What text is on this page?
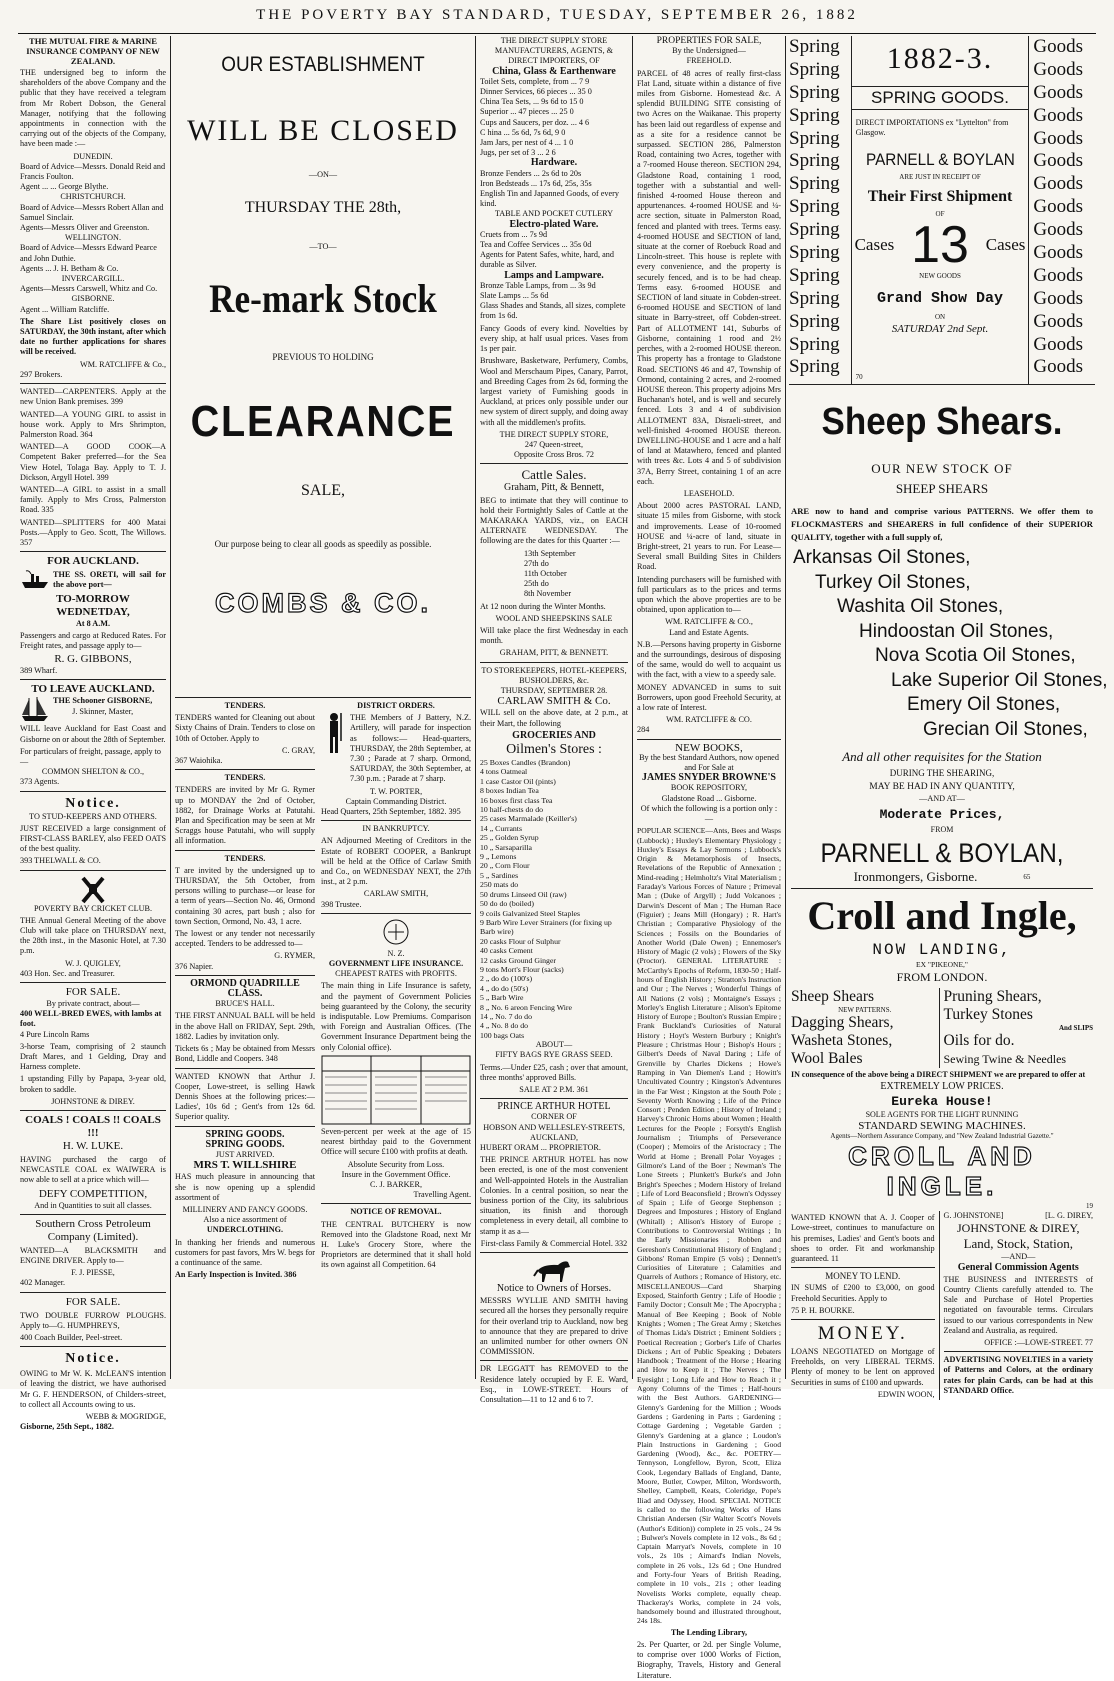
THE POVERTY BAY STANDARD, TUESDAY, SEPTEMBER 26, 1882
THE MUTUAL FIRE & MARINE INSURANCE COMPANY OF NEW ZEALAND.
THE undersigned beg to inform the shareholders of the above Company and the public that they have received a telegram from Mr Robert Dobson, the General Manager, notifying that the following appointments in connection with the carrying out of the objects of the Company, have been made :—
DUNEDIN.
Board of Advice—Messrs. Donald Reid and Francis Foulton.
Agent ... ... George Blythe.
CHRISTCHURCH.
Board of Advice—Messrs Robert Allan and Samuel Sinclair.
Agents—Messrs Oliver and Greenston.
WELLINGTON.
Board of Advice—Messrs Edward Pearce and John Duthie.
Agents ... J. H. Betham & Co.
INVERCARGILL.
Agents—Messrs Carswell, Whitz and Co.
GISBORNE.
Agent ... William Ratcliffe.
The Share List positively closes on SATURDAY, the 30th instant, after which date no further applications for shares will be received.
WM. RATCLIFFE & Co.,
297 Brokers.
WANTED—CARPENTERS. Apply at the new Union Bank premises. 399
WANTED—A YOUNG GIRL to assist in house work. Apply to Mrs Shrimpton, Palmerston Road. 364
WANTED—A GOOD COOK—A Competent Baker preferred—for the Sea View Hotel, Tolaga Bay. Apply to T. J. Dickson, Argyll Hotel. 399
WANTED—A GIRL to assist in a small family. Apply to Mrs Cross, Palmerston Road. 335
WANTED—SPLITTERS for 400 Matai Posts.—Apply to Geo. Scott, The Willows. 357
FOR AUCKLAND.
THE SS. ORETI, will sail for the above port—
TO-MORROW WEDNETDAY,
At 8 A.M.
Passengers and cargo at Reduced Rates. For Freight rates, and passage apply to—
R. G. GIBBONS,
389 Wharf.
TO LEAVE AUCKLAND.
THE Schooner GISBORNE,
J. Skinner, Master,
WILL leave Auckland for East Coast and Gisborne on or about the 28th of September.
For particulars of freight, passage, apply to—
COMMON SHELTON & CO.,
373 Agents.
Notice.
TO STUD-KEEPERS AND OTHERS.
JUST RECEIVED a large consignment of FIRST-CLASS BARLEY, also FEED OATS of the best quality.
393 THELWALL & CO.
POVERTY BAY CRICKET CLUB.
THE Annual General Meeting of the above Club will take place on THURSDAY next, the 28th inst., in the Masonic Hotel, at 7.30 p.m.
W. J. QUIGLEY,
403 Hon. Sec. and Treasurer.
FOR SALE.
By private contract, about—
400 WELL-BRED EWES, with lambs at foot.
4 Pure Lincoln Rams
3-horse Team, comprising of 2 staunch Draft Mares, and 1 Gelding, Dray and Harness complete.
1 upstanding Filly by Papapa, 3-year old, broken to saddle.
JOHNSTONE & DIREY.
COALS ! COALS !! COALS !!!
H. W. LUKE.
HAVING purchased the cargo of NEWCASTLE COAL ex WAIWERA is now able to sell at a price which will—
DEFY COMPETITION,
And in Quantities to suit all classes.
Southern Cross Petroleum Company (Limited).
WANTED—A BLACKSMITH and ENGINE DRIVER. Apply to—
F. J. PIESSE,
402 Manager.
FOR SALE.
TWO DOUBLE FURROW PLOUGHS. Apply to—G. HUMPHREYS,
400 Coach Builder, Peel-street.
Notice.
OWING to Mr W. K. McLEAN'S intention of leaving the district, we have authorised Mr G. F. HENDERSON, of Childers-street, to collect all Accounts owing to us.
WEBB & MOGRIDGE,
Gisborne, 25th Sept., 1882.
OUR ESTABLISHMENT
WILL BE CLOSED
—ON—
THURSDAY THE 28th,
—TO—
Re-mark Stock
PREVIOUS TO HOLDING
CLEARANCE
SALE,
Our purpose being to clear all goods as speedily as possible.
COMBS & CO.
TENDERS.
TENDERS wanted for Cleaning out about Sixty Chains of Drain. Tenders to close on 10th of October. Apply to
C. GRAY,
367 Waiohika.
TENDERS.
TENDERS are invited by Mr G. Rymer up to MONDAY the 2nd of October, 1882, for Drainage Works at Patutahi. Plan and Specification may be seen at Mr Scraggs house Patutahi, who will supply all information.
TENDERS.
T are invited by the undersigned up to THURSDAY, the 5th October, from persons willing to purchase—or lease for a term of years—Section No. 46, Ormond containing 30 acres, part bush ; also for town Section, Ormond, No. 43, 1 acre.
The lowest or any tender not necessarily accepted. Tenders to be addressed to—
G. RYMER,
376 Napier.
ORMOND QUADRILLE CLASS.
BRUCE'S HALL.
THE FIRST ANNUAL BALL will be held in the above Hall on FRIDAY, Sept. 29th, 1882. Ladies by invitation only.
Tickets 6s ; May be obtained from Messrs Bond, Liddle and Coopers. 348
WANTED KNOWN that Arthur J. Cooper, Lowe-street, is selling Hawk Dennis Shoes at the following prices:— Ladies', 10s 6d ; Gent's from 12s 6d. Superior quality.
SPRING GOODS.
SPRING GOODS.
JUST ARRIVED.
MRS T. WILLSHIRE
HAS much pleasure in announcing that she is now opening up a splendid assortment of
MILLINERY AND FANCY GOODS.
Also a nice assortment of
UNDERCLOTHING.
In thanking her friends and numerous customers for past favors, Mrs W. begs for a continuance of the same.
An Early Inspection is Invited. 386
DISTRICT ORDERS.
THE Members of J Battery, N.Z. Artillery, will parade for inspection as follows:— Head-quarters, THURSDAY, the 28th September, at 7.30 ; Parade at 7 sharp. Ormond, SATURDAY, the 30th September, at 7.30 p.m. ; Parade at 7 sharp.
T. W. PORTER,
Captain Commanding District.
Head Quarters, 25th September, 1882. 395
IN BANKRUPTCY.
AN Adjourned Meeting of Creditors in the Estate of ROBERT COOPER, a Bankrupt will be held at the Office of Carlaw Smith and Co., on WEDNESDAY NEXT, the 27th inst., at 2 p.m.
CARLAW SMITH,
398 Trustee.
N. Z.
GOVERNMENT LIFE INSURANCE.
CHEAPEST RATES with PROFITS.
The main thing in Life Insurance is safety, and the payment of Government Policies being guaranteed by the Colony, the security is indisputable. Low Premiums. Comparison with Foreign and Australian Offices. (The Government Insurance Department being the only Colonial office).
Seven-percent per week at the age of 15 nearest birthday paid to the Government Office will secure £100 with profits at death.
Absolute Security from Loss.
Insure in the Government Office.
C. J. BARKER,
Travelling Agent.
NOTICE OF REMOVAL.
THE CENTRAL BUTCHERY is now Removed into the Gladstone Road, next Mr H. Luke's Grocery Store, where the Proprietors are determined that it shall hold its own against all Competition. 64
THE DIRECT SUPPLY STORE MANUFACTURERS, AGENTS, & DIRECT IMPORTERS, OF
China, Glass & Earthenware
Toilet Sets, complete, from ... 7 9
Dinner Services, 66 pieces ... 35 0
China Tea Sets, ... 9s 6d to 15 0
Superior ... 47 pieces ... 25 0
Cups and Saucers, per doz. ... 4 6
C hina ... 5s 6d, 7s 6d, 9 0
Jam Jars, per nest of 4 ... 1 0
Jugs, per set of 3 ... 2 6
Hardware.
Bronze Fenders ... 2s 6d to 20s
Iron Bedsteads ... 17s 6d, 25s, 35s
English Tin and Japanned Goods, of every kind.
TABLE AND POCKET CUTLERY
Electro-plated Ware.
Cruets from ... 7s 9d
Tea and Coffee Services ... 35s 0d
Agents for Patent Safes, white, hard, and durable as Silver.
Lamps and Lampware.
Bronze Table Lamps, from ... 3s 9d
Slate Lamps ... 5s 6d
Glass Shades and Stands, all sizes, complete from 1s 6d.
Fancy Goods of every kind. Novelties by every ship, at half usual prices. Vases from 1s per pair.
Brushware, Basketware, Perfumery, Combs, Wool and Merschaum Pipes, Canary, Parrot, and Breeding Cages from 2s 6d, forming the largest variety of Furnishing goods in Auckland, at prices only possible under our new system of direct supply, and doing away with all the middlemen's profits.
THE DIRECT SUPPLY STORE,
247 Queen-street,
Opposite Cross Bros. 72
Cattle Sales.
Graham, Pitt, & Bennett,
BEG to intimate that they will continue to hold their Fortnightly Sales of Cattle at the MAKARAKA YARDS, viz., on EACH ALTERNATE WEDNESDAY. The following are the dates for this Quarter :—
13th September
27th do
11th October
25th do
8th November
At 12 noon during the Winter Months.
WOOL AND SHEEPSKINS SALE
Will take place the first Wednesday in each month.
GRAHAM, PITT, & BENNETT.
TO STOREKEEPERS, HOTEL-KEEPERS, BUSHOLDERS, &c.
THURSDAY, SEPTEMBER 28.
CARLAW SMITH & Co.
WILL sell on the above date, at 2 p.m., at their Mart, the following
GROCERIES AND
Oilmen's Stores :
25 Boxes Candles (Brandon)
4 tons Oatmeal
1 case Castor Oil (pints)
8 boxes Indian Tea
16 boxes first class Tea
10 half-chests do do
25 cases Marmalade (Keiller's)
14 „ Currants
25 „ Golden Syrup
10 „ Sarsaparilla
9 „ Lemons
20 „ Corn Flour
5 „ Sardines
250 mats do
50 drums Linseed Oil (raw)
50 do do (boiled)
9 coils Galvanized Steel Staples
9 Barb Wire Lever Strainers (for fixing up Barb wire)
20 casks Flour of Sulphur
40 casks Cement
12 casks Ground Ginger
9 tons Mort's Flour (sacks)
2 „ do do (100's)
4 „ do do (50's)
5 „ Barb Wire
8 „ No. 6 areon Fencing Wire
14 „ No. 7 do do
4 „ No. 8 do do
100 bags Oats
ABOUT—
FIFTY BAGS RYE GRASS SEED.
Terms.—Under £25, cash ; over that amount, three months' approved Bills.
SALE AT 2 P.M. 361
PRINCE ARTHUR HOTEL
CORNER OF
HOBSON AND WELLESLEY-STREETS,
AUCKLAND,
HUBERT ORAM ... PROPRIETOR.
THE PRINCE ARTHUR HOTEL has now been erected, is one of the most convenient and Well-appointed Hotels in the Australian Colonies. In a central position, so near the business portion of the City, its salubrious situation, its finish and thorough completeness in every detail, all combine to stamp it as a—
First-class Family & Commercial Hotel. 332
Notice to Owners of Horses.
MESSRS WYLLIE AND SMITH having secured all the horses they personally require for their overland trip to Auckland, now beg to announce that they are prepared to drive an unlimited number for other owners ON COMMISSION.
DR LEGGATT has REMOVED to the Residence lately occupied by F. E. Ward, Esq., in LOWE-STREET. Hours of Consultation—11 to 12 and 6 to 7.
PROPERTIES FOR SALE,
By the Undersigned—
FREEHOLD.
PARCEL of 48 acres of really first-class Flat Land, situate within a distance of five miles from Gisborne. Homestead &c. A splendid BUILDING SITE consisting of two Acres on the Waikanae. This property has been laid out regardless of expense and as a site for a residence cannot be surpassed. SECTION 286, Palmerston Road, containing two Acres, together with a 7-roomed House thereon. SECTION 294, Gladstone Road, containing 1 rood, together with a substantial and well-finished 4-roomed House thereon and appurtenances. 4-roomed HOUSE and ¼-acre section, situate in Palmerston Road, fenced and planted with trees. Terms easy. 4-roomed HOUSE and SECTION of land, situate at the corner of Roebuck Road and Lincoln-street. This house is replete with every convenience, and the property is securely fenced, and is to be had cheap. Terms easy. 6-roomed HOUSE and SECTION of land situate in Cobden-street. 6-roomed HOUSE and SECTION of land situate in Barry-street, off Cobden-street. Part of ALLOTMENT 141, Suburbs of Gisborne, containing 1 rood and 2½ perches, with a 2-roomed HOUSE thereon. This property has a frontage to Gladstone Road. SECTIONS 46 and 47, Township of Ormond, containing 2 acres, and 2-roomed HOUSE thereon. This property adjoins Mrs Buchanan's hotel, and is well and securely fenced. Lots 3 and 4 of subdivision ALLOTMENT 83A, Disraeli-street, and well-finished 4-roomed HOUSE thereon. DWELLING-HOUSE and 1 acre and a half of land at Matawhero, fenced and planted with trees &c. Lots 4 and 5 of subdivision 37A, Berry Street, containing 1 of an acre each.
LEASEHOLD.
About 2000 acres PASTORAL LAND, situate 15 miles from Gisborne, with stock and improvements. Lease of 10-roomed HOUSE and ¼-acre of land, situate in Bright-street, 21 years to run. For Lease—Several small Building Sites in Childers Road.
Intending purchasers will be furnished with full particulars as to the prices and terms upon which the above properties are to be obtained, upon application to—
WM. RATCLIFFE & CO.,
Land and Estate Agents.
N.B.—Persons having property in Gisborne and the surroundings, desirous of disposing of the same, would do well to acquaint us with the fact, with a view to a speedy sale.
MONEY ADVANCED in sums to suit Borrowers, upon good Freehold Security, at a low rate of Interest.
WM. RATCLIFFE & CO.
284
NEW BOOKS,
By the best Standard Authors, now opened and For Sale at
JAMES SNYDER BROWNE'S
BOOK REPOSITORY,
Gladstone Road ... Gisborne.
Of which the following is a portion only :—
POPULAR SCIENCE—Ants, Bees and Wasps (Lubbock) ; Huxley's Elementary Physiology ; Huxley's Essays & Lay Sermons ; Lubbock's Origin & Metamorphosis of Insects, Revelations of the Republic of Annexation ; Mind-reading ; Helmholtz's Vital Materialism ; Faraday's Various Forces of Nature ; Primeval Man ; (Duke of Argyll) ; Judd Volcanoes ; Darwin's Descent of Man ; The Human Race (Figuier) ; Jeans Mill (Hongary) ; R. Hart's Christian ; Comparative Physiology of the Sciences ; Fossils on the Boundaries of Another World (Dale Owen) ; Ennemoser's History of Magic (2 vols) ; Flowers of the Sky (Proctor). GENERAL LITERATURE : McCarthy's Epochs of Reform, 1830-50 ; Half-hours of English History ; Stratton's Instruction and Our ; The Nerves ; Wonderful Things of All Nations (2 vols) ; Montaigne's Essays ; Morley's English Literature ; Alison's Epitome History of Europe ; Boulton's Russian Empire ; Frank Buckland's Curiosities of Natural History ; Hoyt's Western Burbury ; Knight's Pleasure ; Christmas Hour ; Bishop's Hours ; Gilbert's Deeds of Naval Daring ; Life of Grenville by Charles Dickens ; Howe's Ramping in Van Diemen's Land ; Howitt's Uncultivated Country ; Kingston's Adventures in the Far West ; Kingston at the South Pole ; Seventy Worth Knowing ; Life of the Prince Consort ; Penden Edition ; History of Ireland ; Harvey's Chronic Horns about Women ; Health Lectures for the People ; Forsyth's English Journalism ; Triumphs of Perseverance (Cooper) ; Memoirs of the Aristocracy ; The World at Home ; Brenall Polar Voyages ; Gilmore's Land of the Boer ; Newman's The Lone Streets ; Plunkett's Burke's and John Bright's Speeches ; Modern History of Ireland ; Life of Lord Beaconsfield ; Brown's Odyssey of Spain ; Life of George Stephenson ; Degrees and Impostures ; History of England (Whitall) ; Allison's History of Europe ; Contributions to Controversial Writings ; In the Early Missionaries ; Robben and Gereshon's Constitutional History of England ; Gibbons' Roman Empire (5 vols) ; Dennett's Curiosities of Literature ; Calamities and Quarrels of Authors ; Romance of History, etc. MISCELLANEOUS—Card Sharping Exposed, Stainforth Gentry ; Life of Hoodie ; Family Doctor ; Consult Me ; The Apocrypha ; Manual of Bee Keeping ; Book of Noble Knights ; Women ; The Great Army ; Sketches of Thomas Lida's District ; Eminent Soldiers ; Poetical Recreation ; Gorber's Life of Charles Dickens ; Art of Public Speaking ; Debaters Handbook ; Treatment of the Horse ; Hearing and How to Keep it ; The Nerves ; The Eyesight ; Long Life and How to Reach it ; Agony Columns of the Times ; Half-hours with the Best Authors. GARDENING—Glenny's Gardening for the Million ; Woods Gardens ; Gardening in Parts ; Gardening ; Cottage Gardening ; Vegetable Garden ; Glenny's Gardening at a glance ; Loudon's Plain Instructions in Gardening ; Good Gardening (Wood), &c., &c. POETRY—Tennyson, Longfellow, Byron, Scott, Eliza Cook, Legendary Ballads of England, Dante, Moore, Butler, Cowper, Milton, Wordsworth, Shelley, Campbell, Keats, Coleridge, Pope's Iliad and Odyssey, Hood. SPECIAL NOTICE is called to the following Works of Hans Christian Andersen (Sir Walter Scott's Novels (Author's Edition)) complete in 25 vols., 24 9s ; Bulwer's Novels complete in 12 vols., 8s 6d ; Captain Marryat's Novels, complete in 10 vols., 2s 10s ; Aimard's Indian Novels, complete in 26 vols., 12s 6d ; One Hundred and Forty-four Years of British Reading, complete in 10 vols., 21s ; other leading Novelists Works complete, equally cheap. Thackeray's Works, complete in 24 vols, handsomely bound and illustrated throughout, 24s 18s.
The Lending Library,
2s. Per Quarter, or 2d. per Single Volume, to comprise over 1000 Works of Fiction, Biography, Travels, History and General Literature.
Spring
Spring
Spring
Spring
Spring
Spring
Spring
Spring
Spring
Spring
Spring
Spring
Spring
Spring
Spring
1882-3.
SPRING GOODS.
DIRECT IMPORTATIONS ex "Lyttelton" from Glasgow.
PARNELL & BOYLAN
ARE JUST IN RECEIPT OF
Their First Shipment
OF
Cases 13 Cases
NEW GOODS
Grand Show Day
ON
SATURDAY 2nd Sept.
70
Goods
Goods
Goods
Goods
Goods
Goods
Goods
Goods
Goods
Goods
Goods
Goods
Goods
Goods
Goods
Sheep Shears.
OUR NEW STOCK OF
SHEEP SHEARS
ARE now to hand and comprise various PATTERNS. We offer them to FLOCKMASTERS and SHEARERS in full confidence of their SUPERIOR QUALITY, together with a full supply of,
Arkansas Oil Stones,
Turkey Oil Stones,
Washita Oil Stones,
Hindoostan Oil Stones,
Nova Scotia Oil Stones,
Lake Superior Oil Stones,
Emery Oil Stones,
Grecian Oil Stones,
And all other requisites for the Station
DURING THE SHEARING,
MAY BE HAD IN ANY QUANTITY,
—AND AT—
Moderate Prices,
FROM
PARNELL & BOYLAN,
Ironmongers, Gisborne.	65
Croll and Ingle,
NOW LANDING,
EX "PIKEONE,"
FROM LONDON.
Sheep Shears
NEW PATTERNS.
Dagging Shears,
Washeta Stones,
Wool Bales
Pruning Shears,
Turkey Stones
And SLIPS
Oils for do.
Sewing Twine & Needles
IN consequence of the above being a DIRECT SHIPMENT we are prepared to offer at
EXTREMELY LOW PRICES.
Eureka House!
SOLE AGENTS FOR THE LIGHT RUNNING
STANDARD SEWING MACHINES.
Agents—Northern Assurance Company, and "New Zealand Industrial Gazette."
CROLL AND INGLE.
19
WANTED KNOWN that A. J. Cooper of Lowe-street, continues to manufacture on his premises, Ladies' and Gent's boots and shoes to order. Fit and workmanship guaranteed. 11
MONEY TO LEND.
IN SUMS of £200 to £3,000, on good Freehold Securities. Apply to
75 P. H. BOURKE.
MONEY.
LOANS NEGOTIATED on Mortgage of Freeholds, on very LIBERAL TERMS. Plenty of money to be lent on approved Securities in sums of £100 and upwards.
EDWIN WOON,
G. JOHNSTONE]	[L. G. DIREY,
JOHNSTONE & DIREY,
Land, Stock, Station,
—AND—
General Commission Agents
THE BUSINESS and INTERESTS of Country Clients carefully attended to. The Sale and Purchase of Hotel Properties negotiated on favourable terms. Circulars issued to our various correspondents in New Zealand and Australia, as required.
OFFICE :—LOWE-STREET. 77
ADVERTISING NOVELTIES in a variety of Patterns and Colors, at the ordinary rates for plain Cards, can be had at this STANDARD Office.
